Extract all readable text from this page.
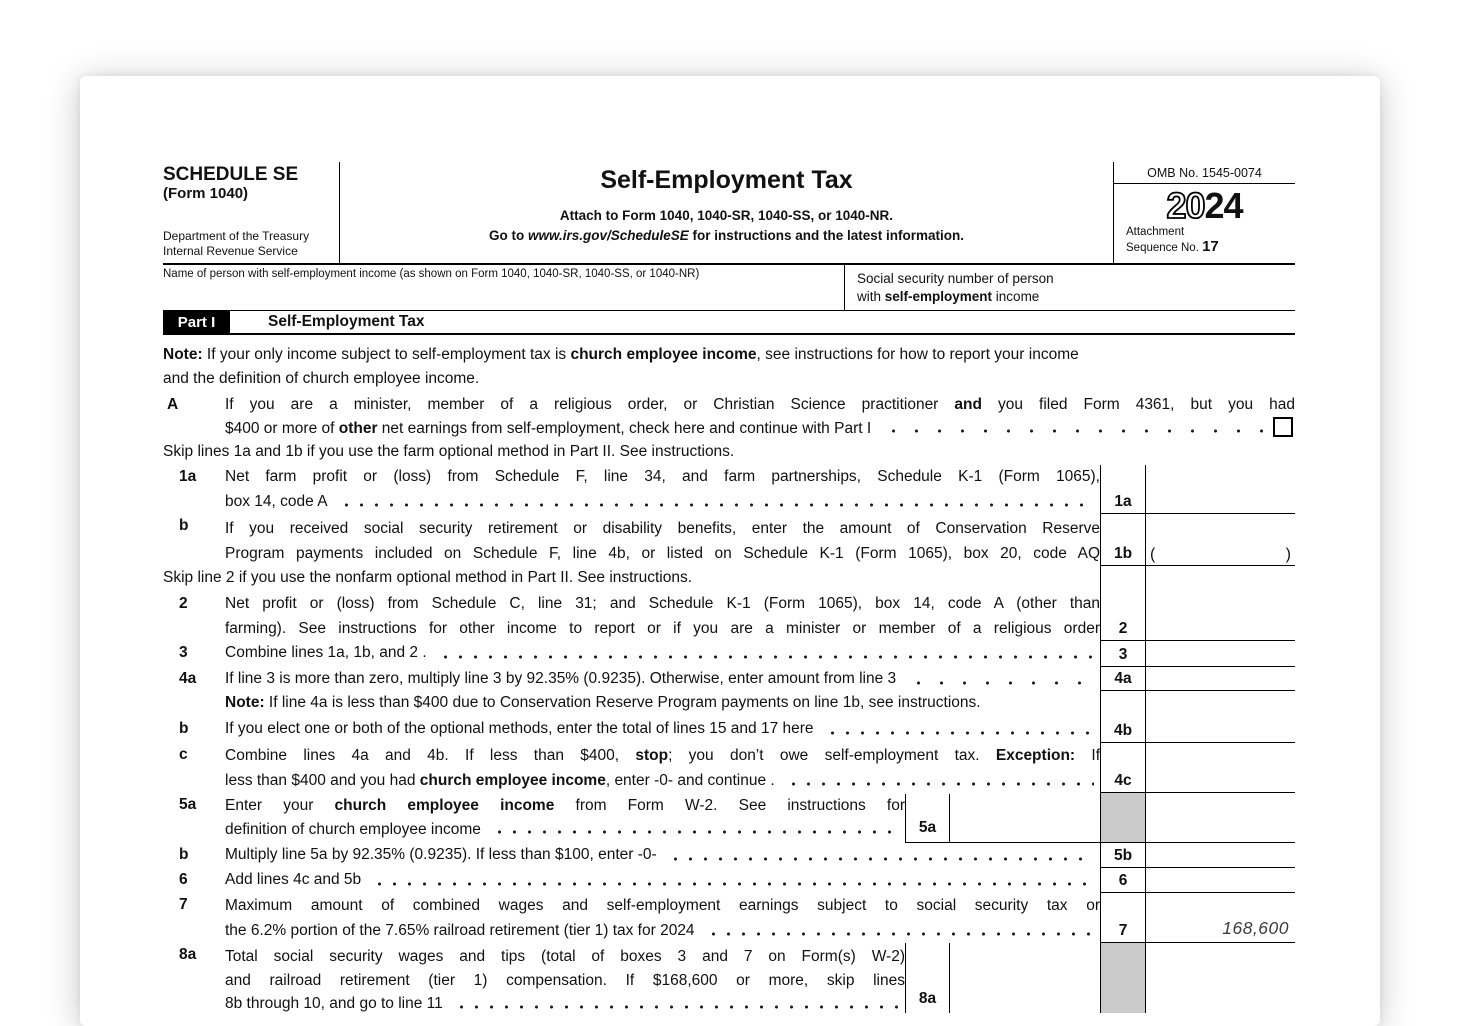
SCHEDULE SE
(Form 1040)
Department of the Treasury
Internal Revenue Service
Self-Employment Tax
Attach to Form 1040, 1040-SR, 1040-SS, or 1040-NR.
Go to www.irs.gov/ScheduleSE for instructions and the latest information.
OMB No. 1545-0074
20 24
Attachment
Sequence No. 17
Name of person with self-employment income (as shown on Form 1040, 1040-SR, 1040-SS, or 1040-NR)	Social security number of person
with self-employment income
Part I	Self-Employment Tax
Note: If your only income subject to self-employment tax is church employee income, see instructions for how to report your income
and the definition of church employee income.
A	If you are a minister, member of a religious order, or Christian Science practitioner and you filed Form 4361, but you had
$400 or more of other net earnings from self-employment, check here and continue with Part I
Skip lines 1a and 1b if you use the farm optional method in Part II. See instructions.
1a	Net farm profit or (loss) from Schedule F, line 34, and farm partnerships, Schedule K-1 (Form 1065),
box 14, code A	1a
b	If you received social security retirement or disability benefits, enter the amount of Conservation Reserve
Program payments included on Schedule F, line 4b, or listed on Schedule K-1 (Form 1065), box 20, code AQ 1b	(	)
Skip line 2 if you use the nonfarm optional method in Part II. See instructions.
2	Net profit or (loss) from Schedule C, line 31; and Schedule K-1 (Form 1065), box 14, code A (other than
farming). See instructions for other income to report or if you are a minister or member of a religious order	2
3	Combine lines 1a, 1b, and 2 .	3
4a	If line 3 is more than zero, multiply line 3 by 92.35% (0.9235). Otherwise, enter amount from line 3	4a
Note: If line 4a is less than $400 due to Conservation Reserve Program payments on line 1b, see instructions.
b	If you elect one or both of the optional methods, enter the total of lines 15 and 17 here	4b
c	Combine lines 4a and 4b. If less than $400, stop; you don’t owe self-employment tax. Exception: If
less than $400 and you had church employee income, enter -0- and continue .	4c
5a	Enter your church employee income from Form W-2. See instructions for
definition of church employee income	5a
b	Multiply line 5a by 92.35% (0.9235). If less than $100, enter -0-	5b
6	Add lines 4c and 5b	6
7	Maximum amount of combined wages and self-employment earnings subject to social security tax or
the 6.2% portion of the 7.65% railroad retirement (tier 1) tax for 2024	7	168,600
8a	Total social security wages and tips (total of boxes 3 and 7 on Form(s) W-2)
and railroad retirement (tier 1) compensation. If $168,600 or more, skip lines
8b through 10, and go to line 11	8a
